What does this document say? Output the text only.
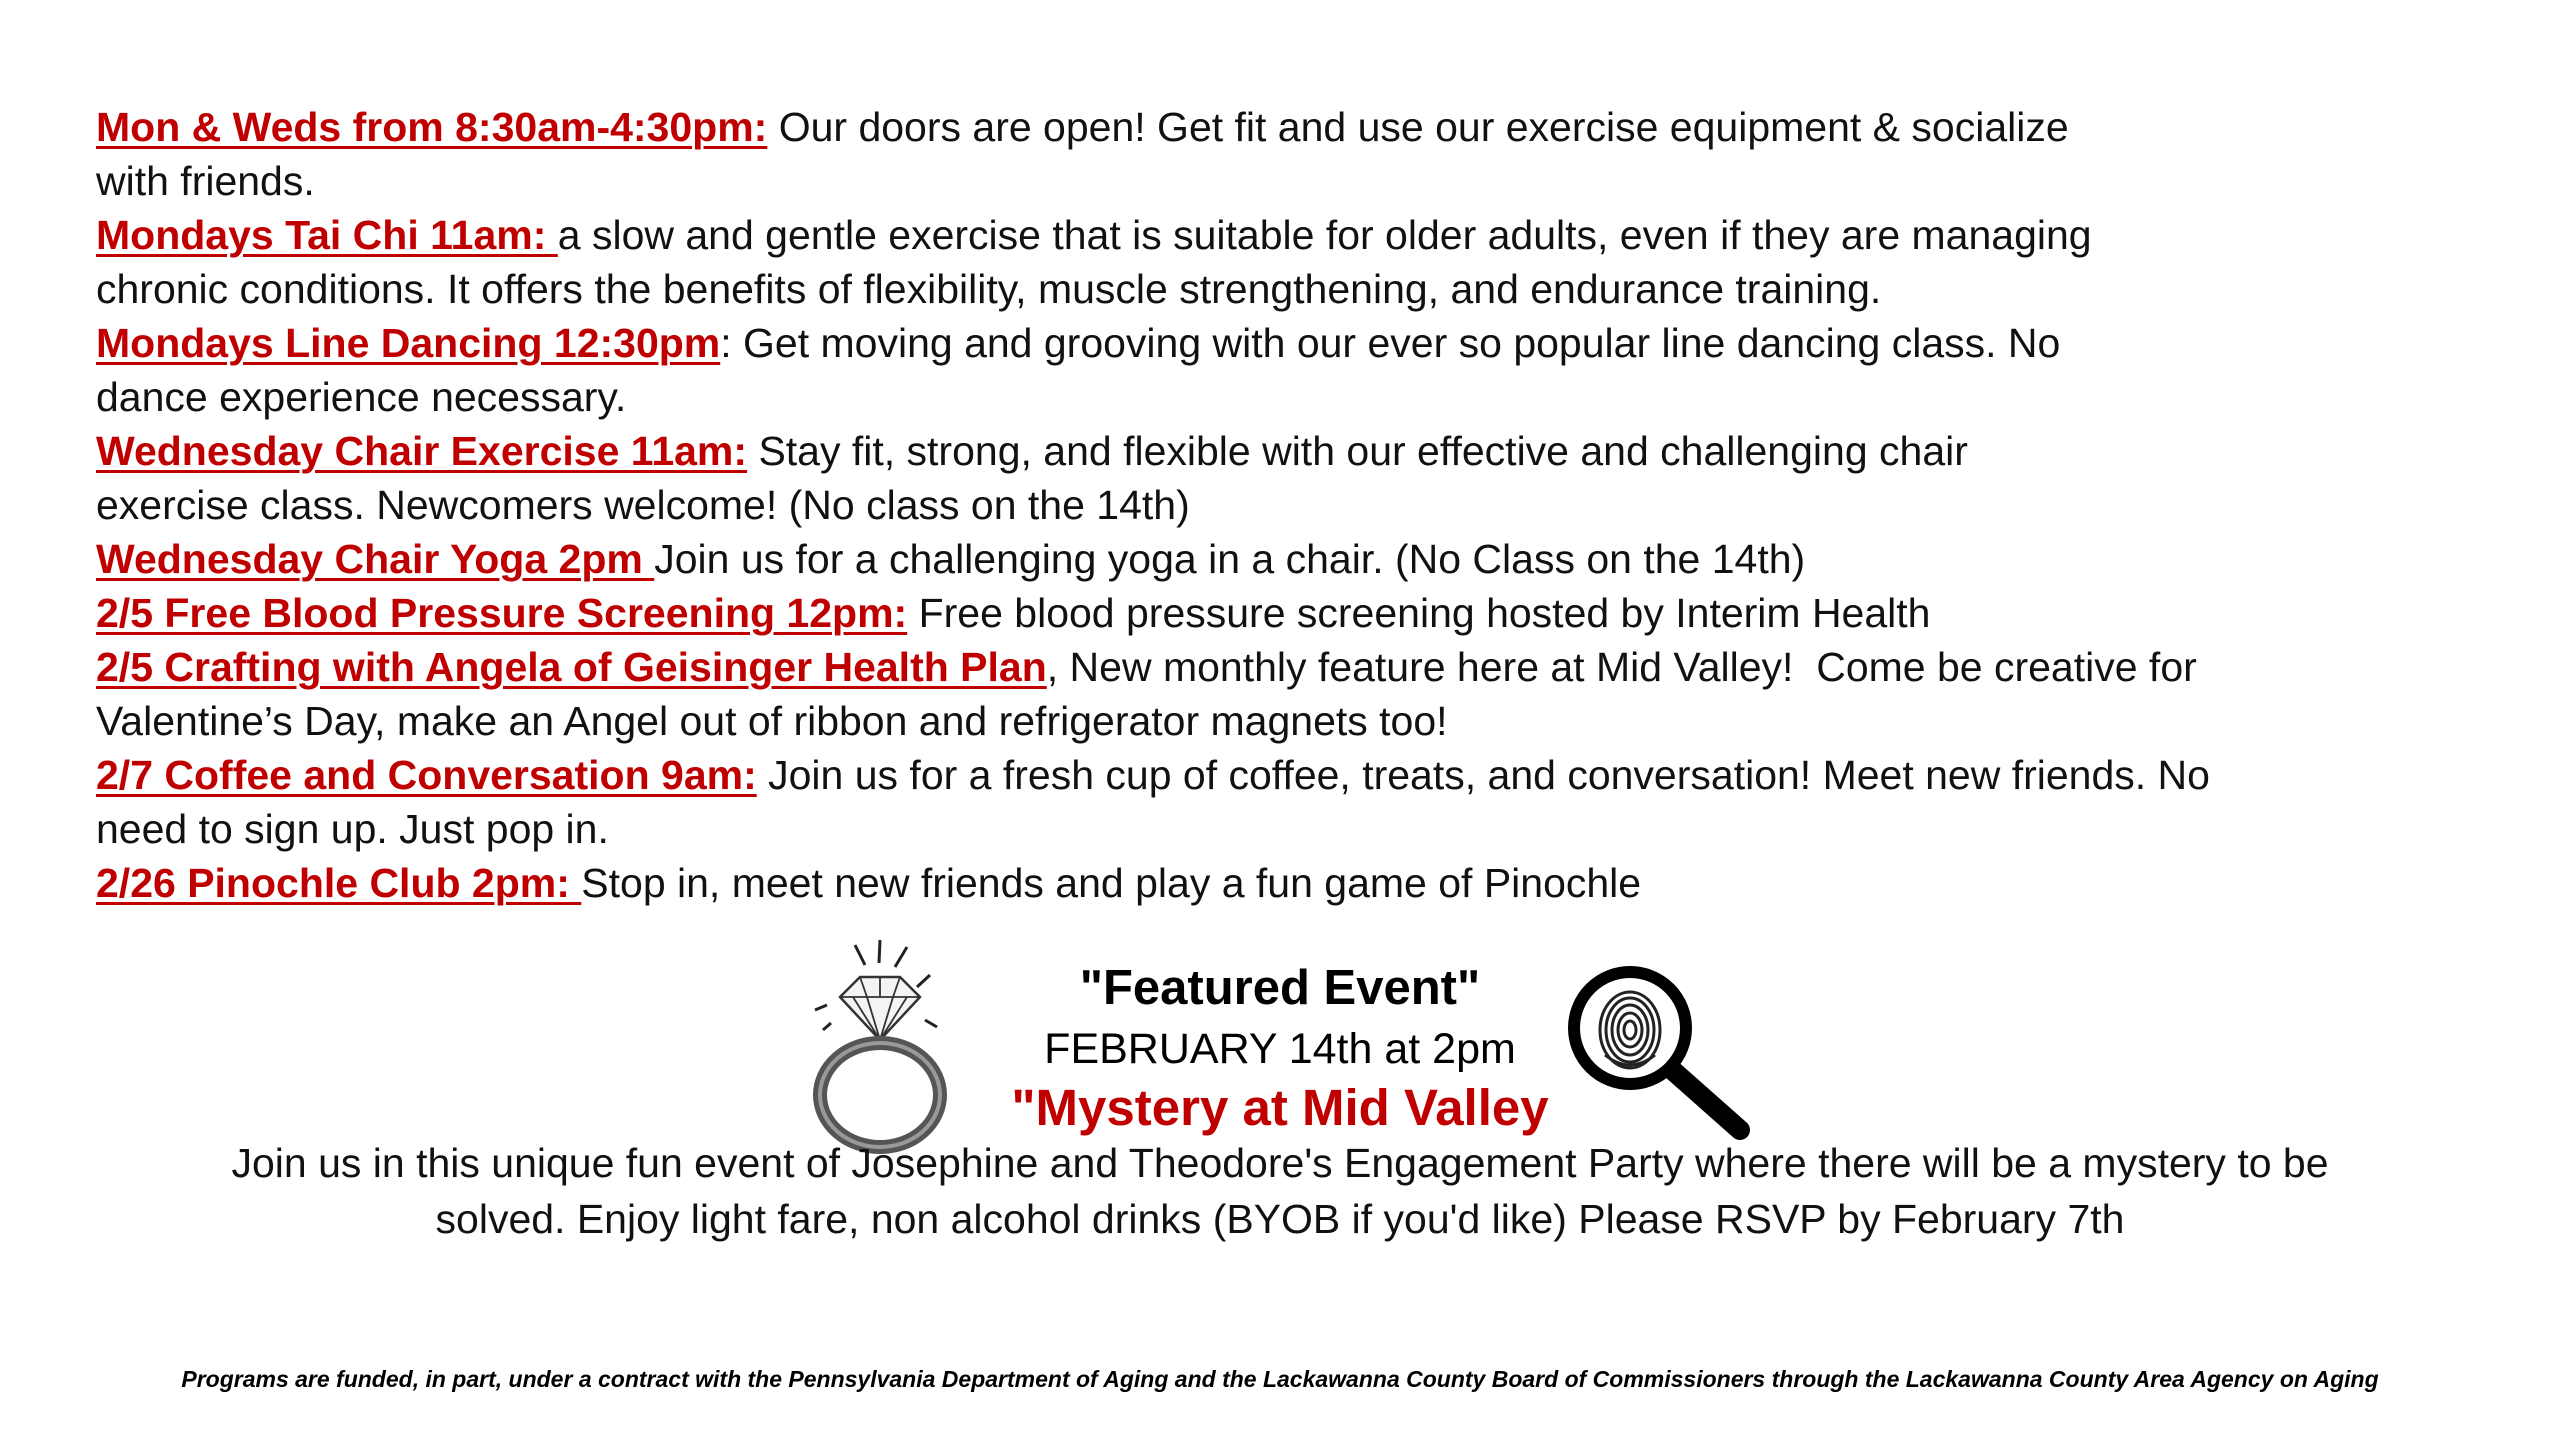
Mon & Weds from 8:30am-4:30pm: Our doors are open! Get fit and use our exercise equipment & socialize
with friends.

Mondays Tai Chi 11am: a slow and gentle exercise that is suitable for older adults, even if they are managing
chronic conditions. It offers the benefits of flexibility, muscle strengthening, and endurance training.

Mondays Line Dancing 12:30pm: Get moving and grooving with our ever so popular line dancing class. No
dance experience necessary.

Wednesday Chair Exercise 11am: Stay fit, strong, and flexible with our effective and challenging chair
exercise class. Newcomers welcome! (No class on the 14th)

Wednesday Chair Yoga 2pm Join us for a challenging yoga in a chair. (No Class on the 14th)

2/5 Free Blood Pressure Screening 12pm: Free blood pressure screening hosted by Interim Health

2/5 Crafting with Angela of Geisinger Health Plan, New monthly feature here at Mid Valley!  Come be creative for
Valentine’s Day, make an Angel out of ribbon and refrigerator magnets too!

2/7 Coffee and Conversation 9am: Join us for a fresh cup of coffee, treats, and conversation! Meet new friends. No
need to sign up. Just pop in.

2/26 Pinochle Club 2pm: Stop in, meet new friends and play a fun game of Pinochle

"Featured Event"
FEBRUARY 14th at 2pm
"Mystery at Mid Valley
Join us in this unique fun event of Josephine and Theodore's Engagement Party where there will be a mystery to be
solved. Enjoy light fare, non alcohol drinks (BYOB if you'd like) Please RSVP by February 7th
Programs are funded, in part, under a contract with the Pennsylvania Department of Aging and the Lackawanna County Board of Commissioners through the Lackawanna County Area Agency on Aging
